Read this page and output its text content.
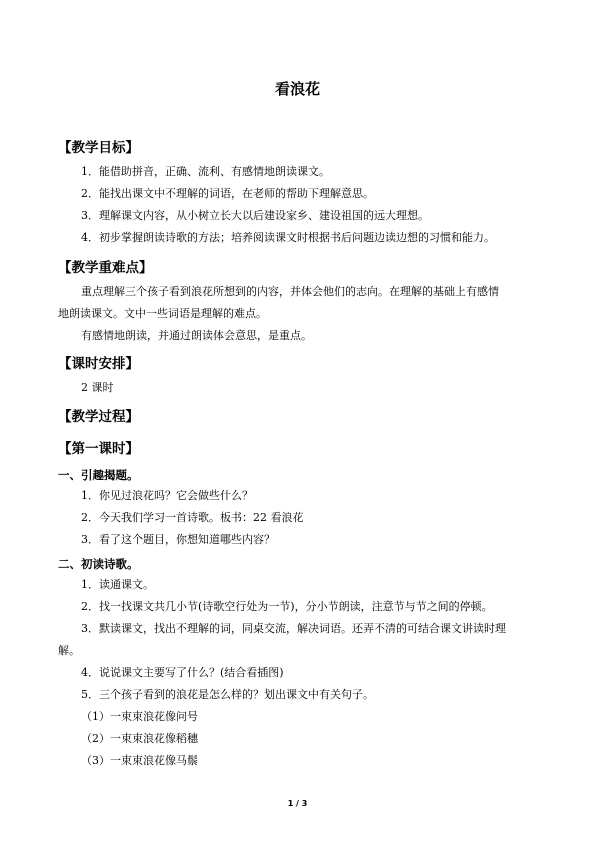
看浪花
【教学目标】
1．能借助拼音，正确、流利、有感情地朗读课文。
2．能找出课文中不理解的词语，在老师的帮助下理解意思。
3．理解课文内容，从小树立长大以后建设家乡、建设祖国的远大理想。
4．初步掌握朗读诗歌的方法；培养阅读课文时根据书后问题边读边想的习惯和能力。
【教学重难点】
重点理解三个孩子看到浪花所想到的内容，并体会他们的志向。在理解的基础上有感情
地朗读课文。文中一些词语是理解的难点。
有感情地朗读，并通过朗读体会意思，是重点。
【课时安排】
2 课时
【教学过程】
【第一课时】
一、引趣揭题。
1．你见过浪花吗？它会做些什么？
2．今天我们学习一首诗歌。板书：22 看浪花
3．看了这个题目，你想知道哪些内容？
二、初读诗歌。
1．读通课文。
2．找一找课文共几小节(诗歌空行处为一节)，分小节朗读，注意节与节之间的停顿。
3．默读课文，找出不理解的词，同桌交流，解决词语。还弄不清的可结合课文讲读时理
解。
4．说说课文主要写了什么？(结合看插图)
5．三个孩子看到的浪花是怎么样的？划出课文中有关句子。
（1）一束束浪花像问号
（2）一束束浪花像稻穗
（3）一束束浪花像马鬃
1 / 3
